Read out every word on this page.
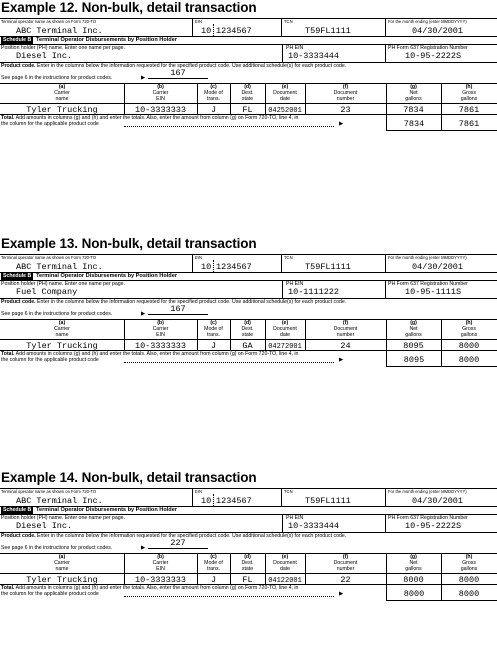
Example 12. Non-bulk, detail transaction
Terminal operator name as shown on Form 720-TO	EIN	TCN	For the month ending (enter MMDDYYYY)
ABC Terminal Inc.	10 1234567	T59FL1111	04/30/2001
Schedule B Terminal Operator Disbursements by Position Holder
Position holder (PH) name. Enter one name per page.	PH EIN	PH Form 637 Registration Number
Diesel Inc.	10-3333444	10-95-2222S
Product code. Enter in the columns below the information requested for the specified product code. Use additional schedule(s) for each product code.
See page 6 in the instructions for product codes.	▶	167
(a)
Carrier
name
(b)
Carrier
EIN
(c)
Mode of
trans.
(d)
Dest.
state
(e)
Document
date
(f)
Document
number
(g)
Net
gallons
(h)
Gross
gallons
Tyler Trucking	10-3333333	J	FL	04252001	23	7834	7861
Total. Add amounts in columns (g) and (h) and enter the totals. Also, enter the amount from column (g) on Form 720-TO, line 4, in
the column for the applicable product code	▶	7834	7861
Example 13. Non-bulk, detail transaction
Terminal operator name as shown on Form 720-TO	EIN	TCN	For the month ending (enter MMDDYYYY)
ABC Terminal Inc.	10 1234567	T59FL1111	04/30/2001
Schedule B Terminal Operator Disbursements by Position Holder
Position holder (PH) name. Enter one name per page.	PH EIN	PH Form 637 Registration Number
Fuel Company	10-1111222	10-95-1111S
Product code. Enter in the columns below the information requested for the specified product code. Use additional schedule(s) for each product code.
See page 6 in the instructions for product codes.	▶	167
(a)
Carrier
name
(b)
Carrier
EIN
(c)
Mode of
trans.
(d)
Dest.
state
(e)
Document
date
(f)
Document
number
(g)
Net
gallons
(h)
Gross
gallons
Tyler Trucking	10-3333333	J	GA	04272001	24	8095	8000
Total. Add amounts in columns (g) and (h) and enter the totals. Also, enter the amount from column (g) on Form 720-TO, line 4, in
the column for the applicable product code	▶	8095	8000
Example 14. Non-bulk, detail transaction
Terminal operator name as shown on Form 720-TO	EIN	TCN	For the month ending (enter MMDDYYYY)
ABC Terminal Inc.	10 1234567	T59FL1111	04/30/2001
Schedule B Terminal Operator Disbursements by Position Holder
Position holder (PH) name. Enter one name per page.	PH EIN	PH Form 637 Registration Number
Diesel Inc.	10-3333444	10-95-2222S
Product code. Enter in the columns below the information requested for the specified product code. Use additional schedule(s) for each product code.
See page 6 in the instructions for product codes.	▶	227
(a)
Carrier
name
(b)
Carrier
EIN
(c)
Mode of
trans.
(d)
Dest.
state
(e)
Document
date
(f)
Document
number
(g)
Net
gallons
(h)
Gross
gallons
Tyler Trucking	10-3333333	J	FL	04122001	22	8000	8000
Total. Add amounts in columns (g) and (h) and enter the totals. Also, enter the amount from column (g) on Form 720-TO, line 4, in
the column for the applicable product code	▶	8000	8000
